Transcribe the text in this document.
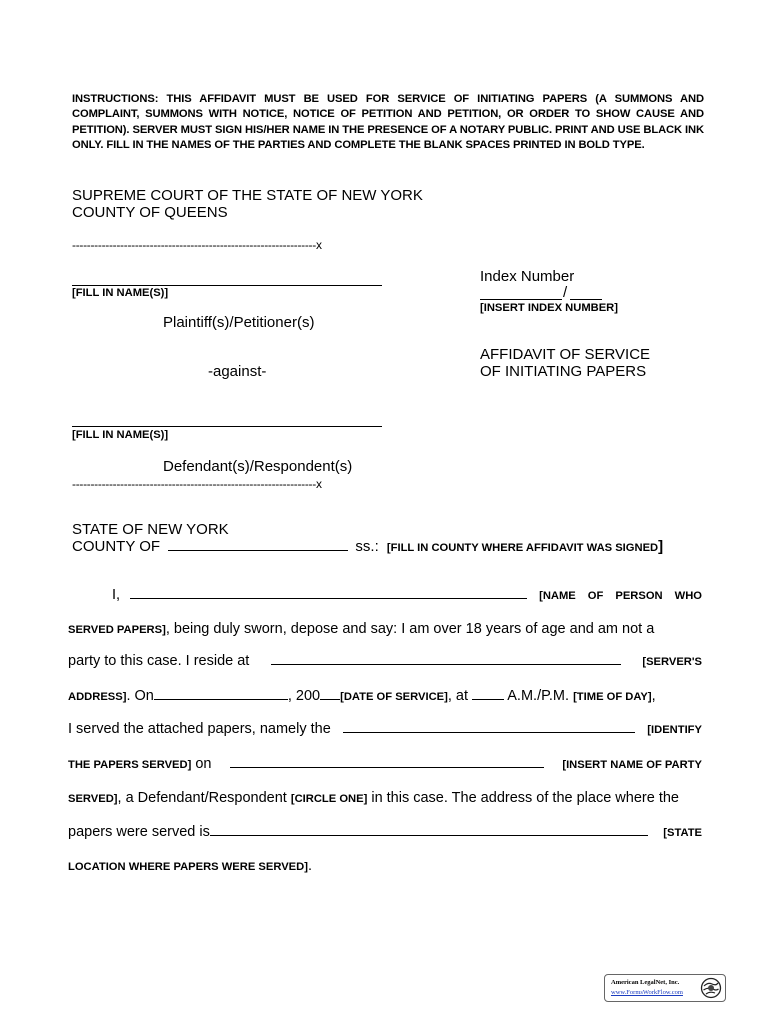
INSTRUCTIONS: THIS AFFIDAVIT MUST BE USED FOR SERVICE OF INITIATING PAPERS (A SUMMONS AND COMPLAINT, SUMMONS WITH NOTICE, NOTICE OF PETITION AND PETITION, OR ORDER TO SHOW CAUSE AND PETITION). SERVER MUST SIGN HIS/HER NAME IN THE PRESENCE OF A NOTARY PUBLIC. PRINT AND USE BLACK INK ONLY. FILL IN THE NAMES OF THE PARTIES AND COMPLETE THE BLANK SPACES PRINTED IN BOLD TYPE.
SUPREME COURT OF THE STATE OF NEW YORK
COUNTY OF QUEENS
------------------------------------------------------------------x
[FILL IN NAME(S)]
Plaintiff(s)/Petitioner(s)
Index Number
/
[INSERT INDEX NUMBER]
-against-
AFFIDAVIT OF SERVICE
OF INITIATING PAPERS
[FILL IN NAME(S)]
Defendant(s)/Respondent(s)
------------------------------------------------------------------x
STATE OF NEW YORK
COUNTY OF	ss.: [FILL IN COUNTY WHERE AFFIDAVIT WAS SIGNED]
I,	[NAME OF PERSON WHO
SERVED PAPERS], being duly sworn, depose and say: I am over 18 years of age and am not a
party to this case. I reside at	[SERVER'S
ADDRESS]. On	, 200 [DATE OF SERVICE], at	A.M./P.M. [TIME OF DAY],
I served the attached papers, namely the	[IDENTIFY
THE PAPERS SERVED] on	[INSERT NAME OF PARTY
SERVED], a Defendant/Respondent [CIRCLE ONE] in this case. The address of the place where the
papers were served is	[STATE
LOCATION WHERE PAPERS WERE SERVED].
American LegalNet, Inc.
www.FormsWorkFlow.com
